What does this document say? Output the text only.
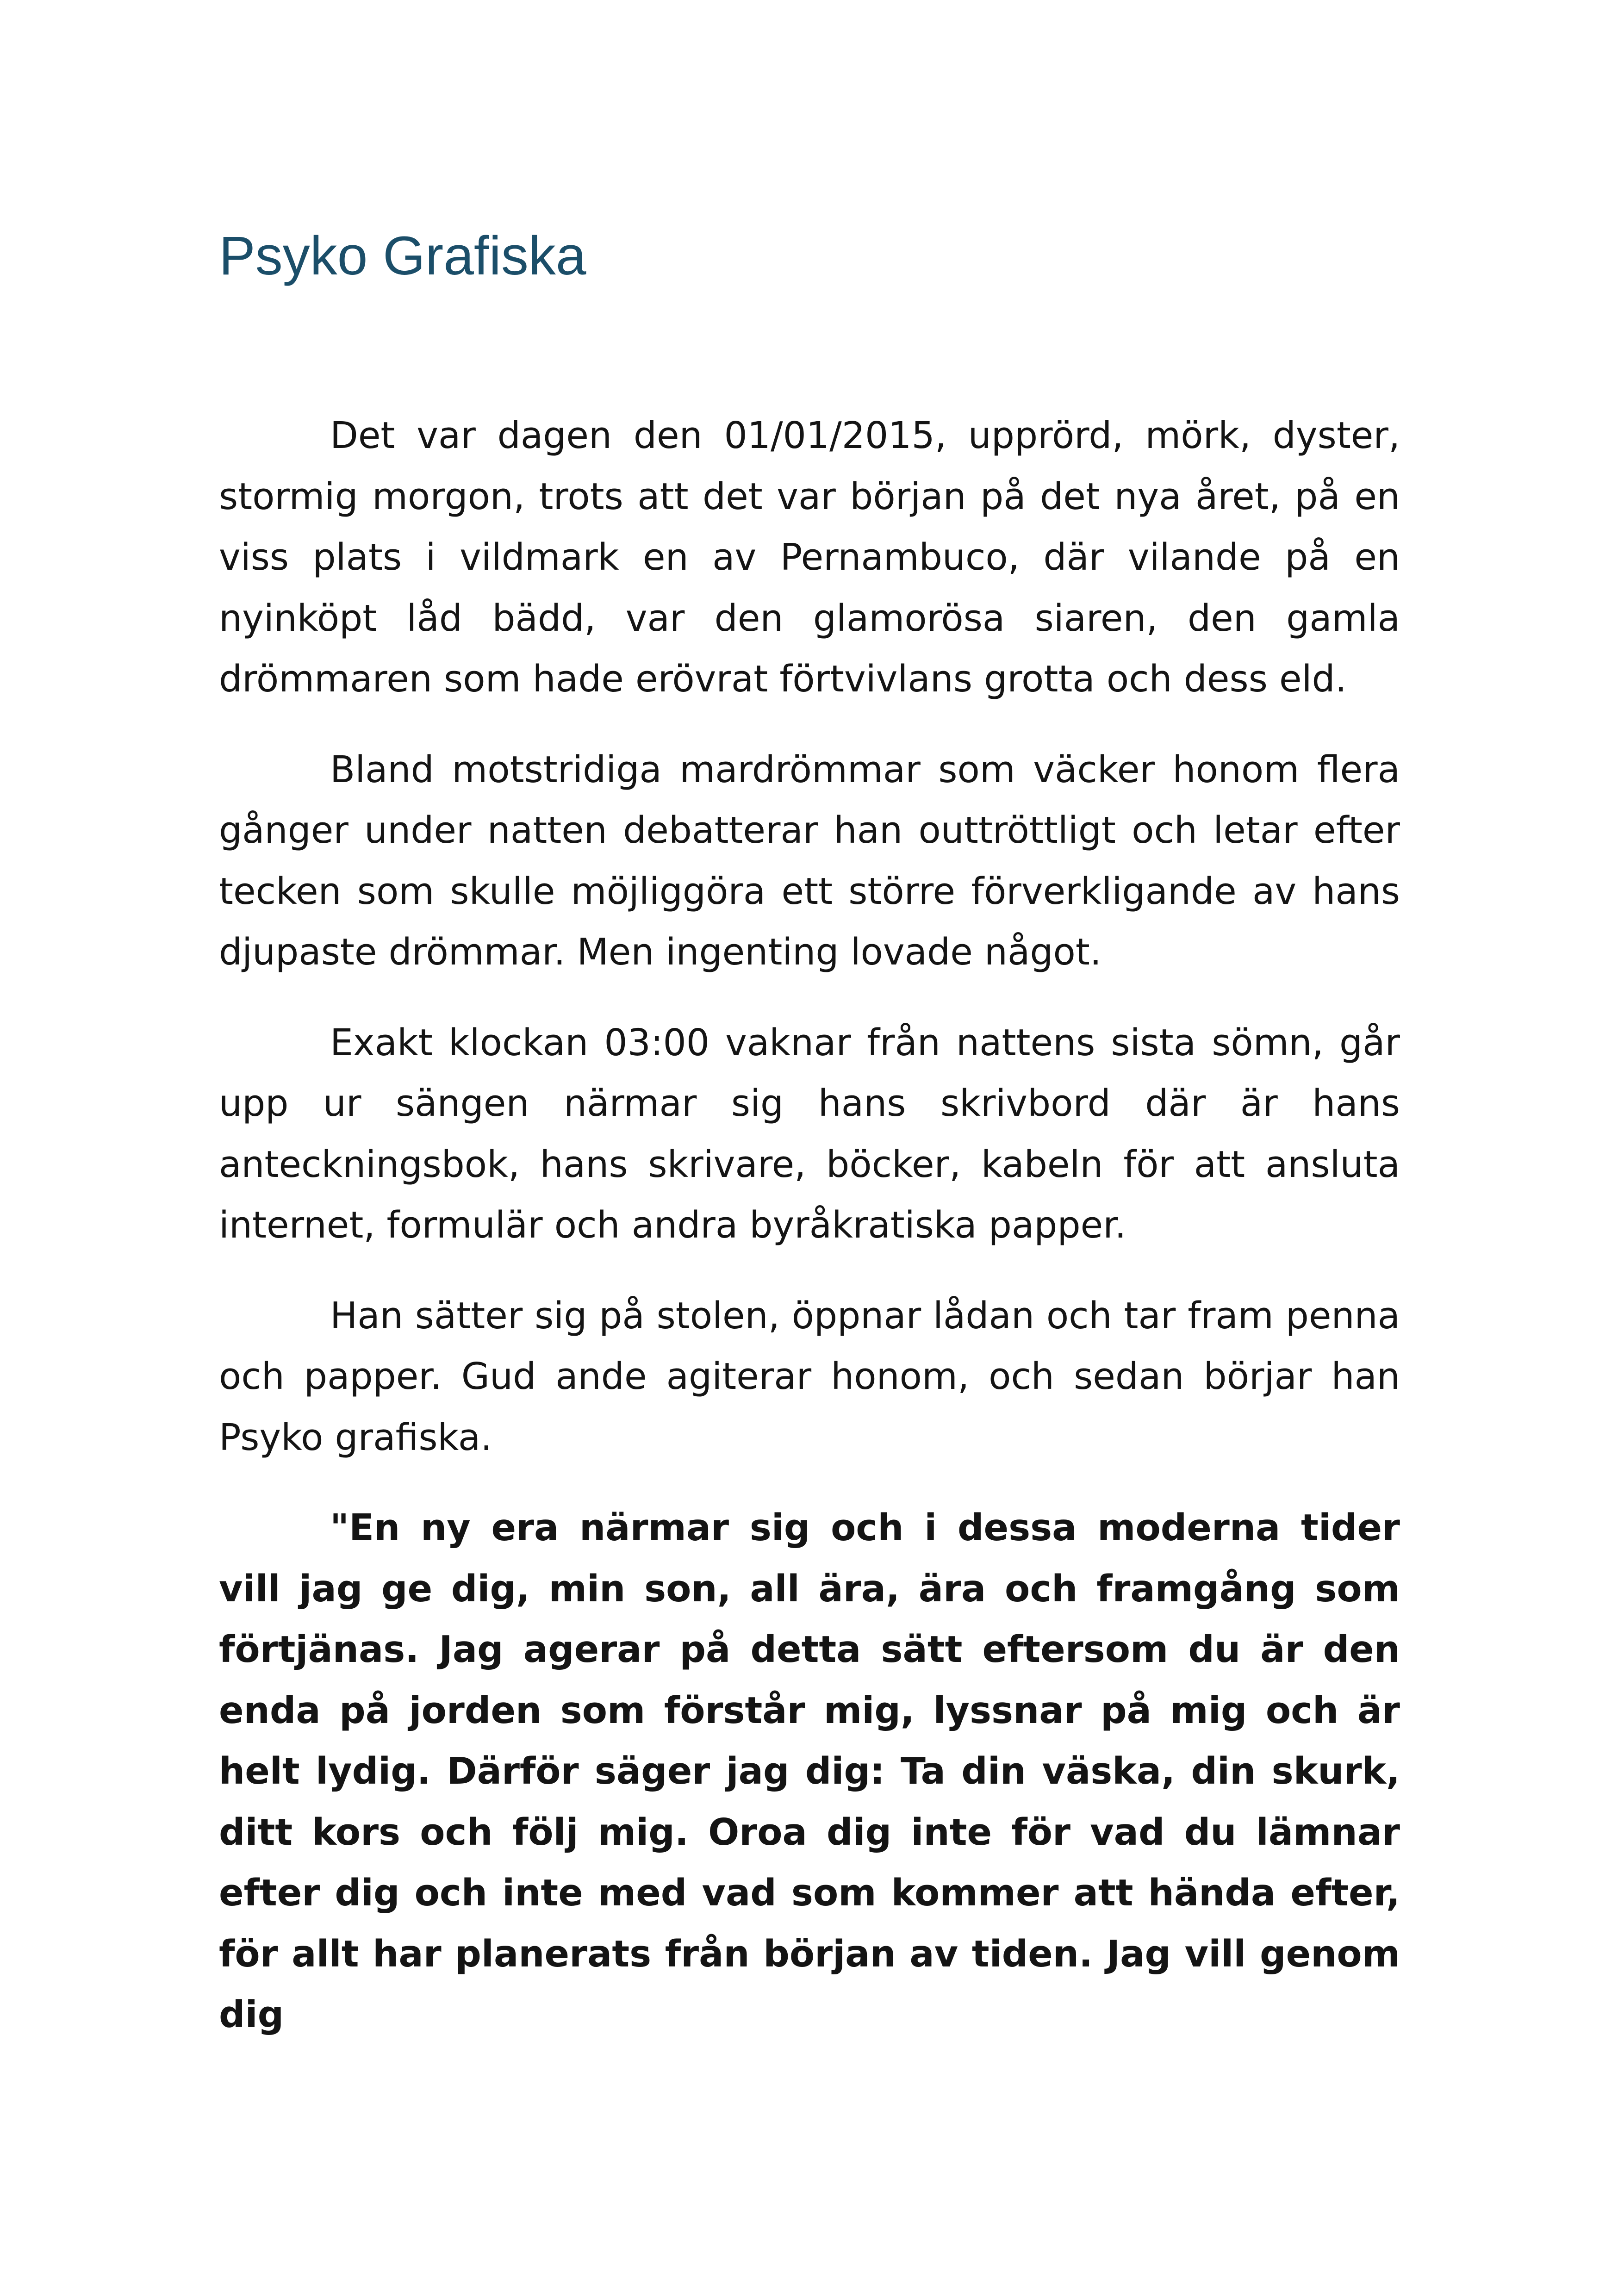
Psyko Grafiska

Det var dagen den 01/01/2015, upprörd, mörk, dyster, stormig morgon, trots att det var början på det nya året, på en viss plats i vildmark en av Pernambuco, där vilande på en nyinköpt låd bädd, var den glamorösa siaren, den gamla drömmaren som hade erövrat förtvivlans grotta och dess eld.

Bland motstridiga mardrömmar som väcker honom flera gånger under natten debatterar han outtröttligt och letar efter tecken som skulle möjliggöra ett större förverkligande av hans djupaste drömmar. Men ingenting lovade något.

Exakt klockan 03:00 vaknar från nattens sista sömn, går upp ur sängen närmar sig hans skrivbord där är hans anteckningsbok, hans skrivare, böcker, kabeln för att ansluta internet, formulär och andra byråkratiska papper.

Han sätter sig på stolen, öppnar lådan och tar fram penna och papper. Gud ande agiterar honom, och sedan börjar han Psyko grafiska.

"En ny era närmar sig och i dessa moderna tider vill jag ge dig, min son, all ära, ära och framgång som förtjänas. Jag agerar på detta sätt eftersom du är den enda på jorden som förstår mig, lyssnar på mig och är helt lydig. Därför säger jag dig: Ta din väska, din skurk, ditt kors och följ mig. Oroa dig inte för vad du lämnar efter dig och inte med vad som kommer att hända efter, för allt har planerats från början av tiden. Jag vill genom dig
